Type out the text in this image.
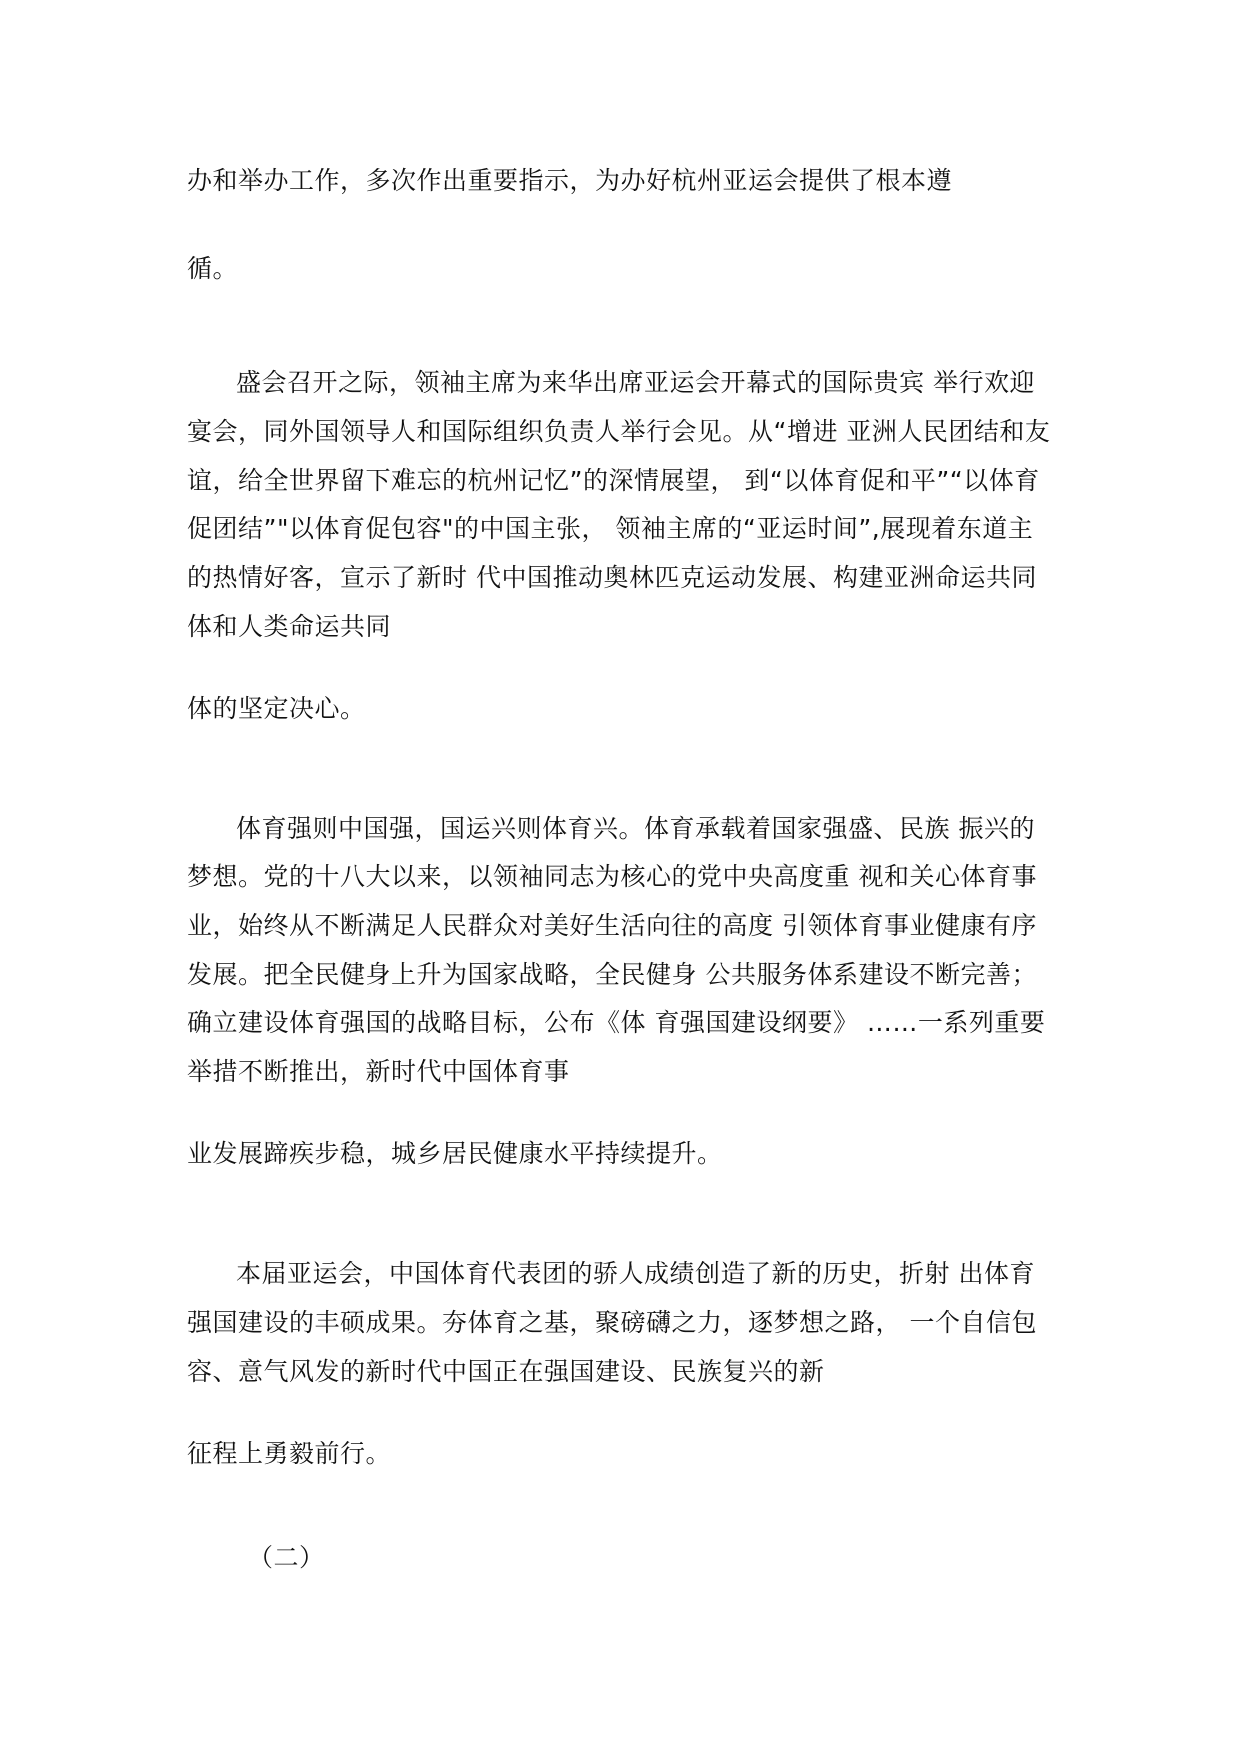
办和举办工作，多次作出重要指示，为办好杭州亚运会提供了根本遵
循。
盛会召开之际，领袖主席为来华出席亚运会开幕式的国际贵宾 举行欢迎
宴会，同外国领导人和国际组织负责人举行会见。从“增进 亚洲人民团结和友
谊，给全世界留下难忘的杭州记忆”的深情展望， 到“以体育促和平”“以体育
促团结”"以体育促包容"的中国主张， 领袖主席的“亚运时间”,展现着东道主
的热情好客，宣示了新时 代中国推动奥林匹克运动发展、构建亚洲命运共同
体和人类命运共同
体的坚定决心。
体育强则中国强，国运兴则体育兴。体育承载着国家强盛、民族 振兴的
梦想。党的十八大以来，以领袖同志为核心的党中央高度重 视和关心体育事
业，始终从不断满足人民群众对美好生活向往的高度 引领体育事业健康有序
发展。把全民健身上升为国家战略，全民健身 公共服务体系建设不断完善；
确立建设体育强国的战略目标，公布《体 育强国建设纲要》 ……一系列重要
举措不断推出，新时代中国体育事
业发展蹄疾步稳，城乡居民健康水平持续提升。
本届亚运会，中国体育代表团的骄人成绩创造了新的历史，折射 出体育
强国建设的丰硕成果。夯体育之基，聚磅礴之力，逐梦想之路， 一个自信包
容、意气风发的新时代中国正在强国建设、民族复兴的新
征程上勇毅前行。
（二）
